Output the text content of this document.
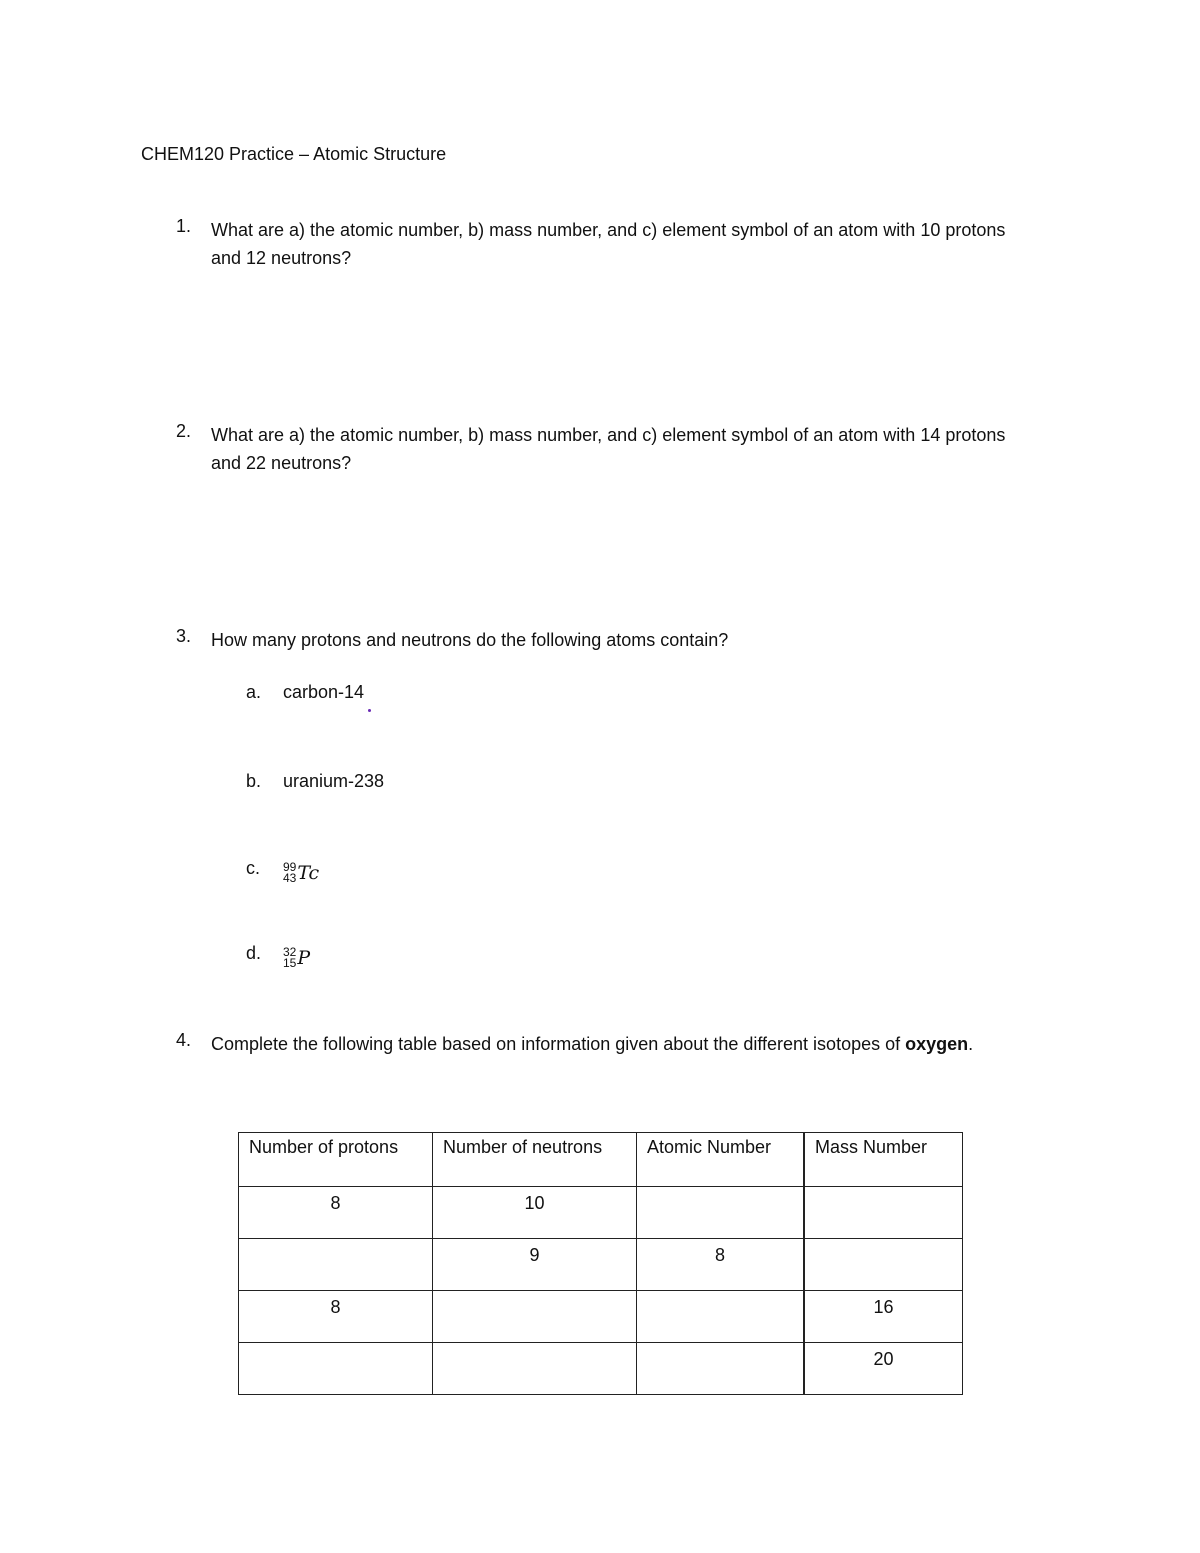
CHEM120 Practice – Atomic Structure
1. What are a) the atomic number, b) mass number, and c) element symbol of an atom with 10 protons and 12 neutrons?
2. What are a) the atomic number, b) mass number, and c) element symbol of an atom with 14 protons and 22 neutrons?
3. How many protons and neutrons do the following atoms contain?
a. carbon-14
b. uranium-238
c. 99
43 Tc
d. 32
15 P
4. Complete the following table based on information given about the different isotopes of oxygen.
Number of protons	Number of neutrons	Atomic Number	Mass Number
8	10		
	9	8	
8			16
			20
